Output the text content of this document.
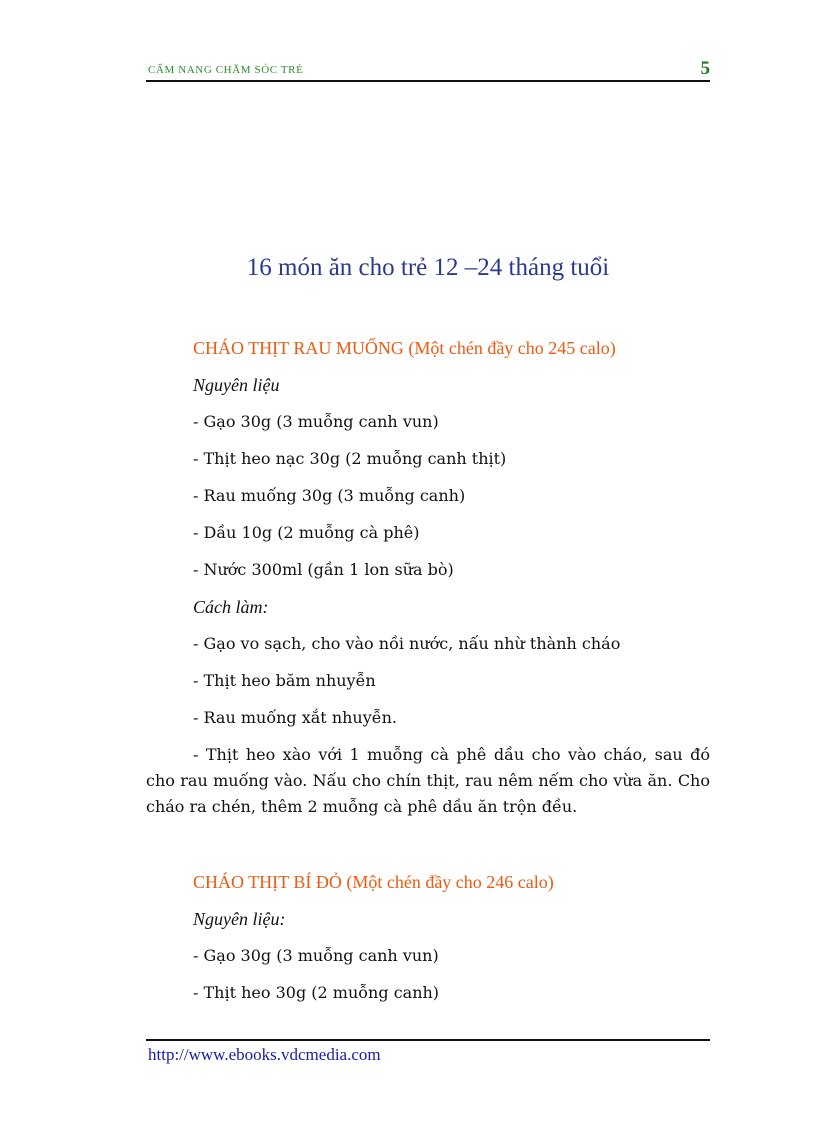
CẨM NANG CHĂM SÓC TRẺ	5
16 món ăn cho trẻ 12 –24 tháng tuổi
CHÁO THỊT RAU MUỐNG (Một chén đầy cho 245 calo)
Nguyên liệu
- Gạo 30g (3 muỗng canh vun)
- Thịt heo nạc 30g (2 muỗng canh thịt)
- Rau muống 30g (3 muỗng canh)
- Dầu 10g (2 muỗng cà phê)
- Nước 300ml (gần 1 lon sữa bò)
Cách làm:
- Gạo vo sạch, cho vào nồi nước, nấu nhừ thành cháo
- Thịt heo băm nhuyễn
- Rau muống xắt nhuyễn.
- Thịt heo xào với 1 muỗng cà phê dầu cho vào cháo, sau đó cho rau muống vào. Nấu cho chín thịt, rau nêm nếm cho vừa ăn. Cho cháo ra chén, thêm 2 muỗng cà phê dầu ăn trộn đều.
CHÁO THỊT BÍ ĐỎ (Một chén đầy cho 246 calo)
Nguyên liệu:
- Gạo 30g (3 muỗng canh vun)
- Thịt heo 30g (2 muỗng canh)
http://www.ebooks.vdcmedia.com
